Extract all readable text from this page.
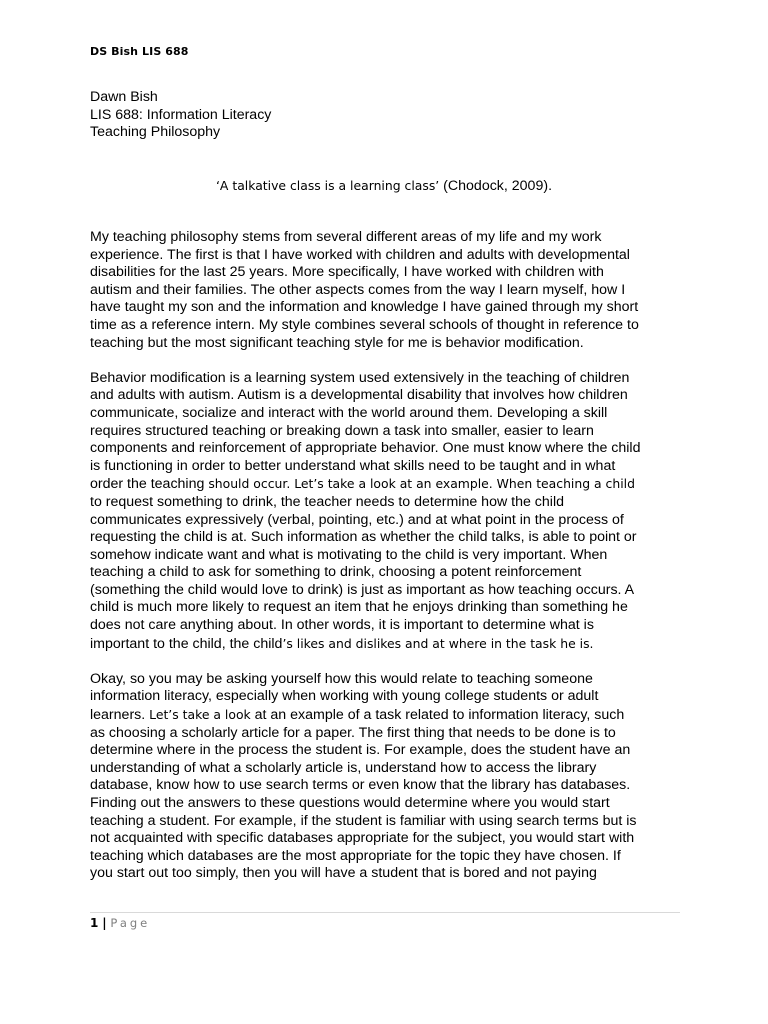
DS Bish LIS 688
Dawn Bish
LIS 688: Information Literacy
Teaching Philosophy
‘A talkative class is a learning class’ (Chodock, 2009).

My teaching philosophy stems from several different areas of my life and my work
experience. The first is that I have worked with children and adults with developmental
disabilities for the last 25 years. More specifically, I have worked with children with
autism and their families. The other aspects comes from the way I learn myself, how I
have taught my son and the information and knowledge I have gained through my short
time as a reference intern. My style combines several schools of thought in reference to
teaching but the most significant teaching style for me is behavior modification.

Behavior modification is a learning system used extensively in the teaching of children
and adults with autism. Autism is a developmental disability that involves how children
communicate, socialize and interact with the world around them. Developing a skill
requires structured teaching or breaking down a task into smaller, easier to learn
components and reinforcement of appropriate behavior. One must know where the child
is functioning in order to better understand what skills need to be taught and in what
order the teaching should occur. Let’s take a look at an example. When teaching a child
to request something to drink, the teacher needs to determine how the child
communicates expressively (verbal, pointing, etc.) and at what point in the process of
requesting the child is at. Such information as whether the child talks, is able to point or
somehow indicate want and what is motivating to the child is very important. When
teaching a child to ask for something to drink, choosing a potent reinforcement
(something the child would love to drink) is just as important as how teaching occurs. A
child is much more likely to request an item that he enjoys drinking than something he
does not care anything about. In other words, it is important to determine what is
important to the child, the child’s likes and dislikes and at where in the task he is.

Okay, so you may be asking yourself how this would relate to teaching someone
information literacy, especially when working with young college students or adult
learners. Let’s take a look at an example of a task related to information literacy, such
as choosing a scholarly article for a paper. The first thing that needs to be done is to
determine where in the process the student is. For example, does the student have an
understanding of what a scholarly article is, understand how to access the library
database, know how to use search terms or even know that the library has databases.
Finding out the answers to these questions would determine where you would start
teaching a student. For example, if the student is familiar with using search terms but is
not acquainted with specific databases appropriate for the subject, you would start with
teaching which databases are the most appropriate for the topic they have chosen. If
you start out too simply, then you will have a student that is bored and not paying

1 | Page
